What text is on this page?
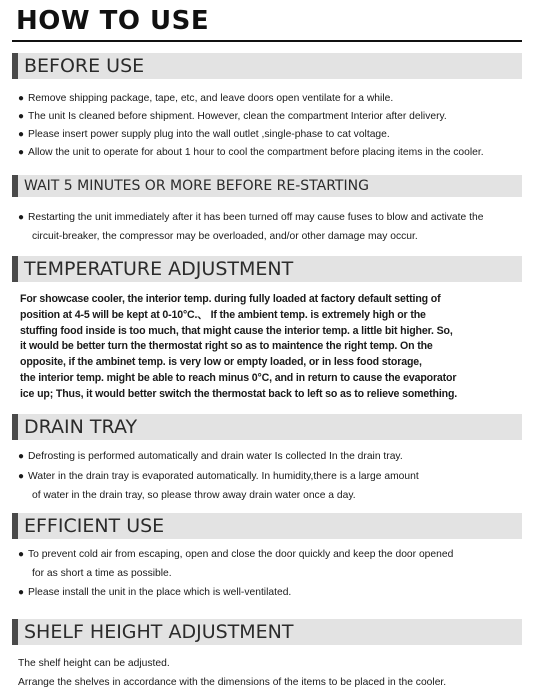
HOW TO USE
BEFORE USE
● Remove shipping package, tape, etc, and leave doors open ventilate for a while.
● The unit Is cleaned before shipment. However, clean the compartment Interior after delivery.
● Please insert power supply plug into the wall outlet ,single-phase to cat voltage.
● Allow the unit to operate for about 1 hour to cool the compartment before placing items in the cooler.
WAIT 5 MINUTES OR MORE BEFORE RE-STARTING
● Restarting the unit immediately after it has been turned off may cause fuses to blow and activate the
circuit-breaker, the compressor may be overloaded, and/or other damage may occur.
TEMPERATURE ADJUSTMENT
For showcase cooler, the interior temp. during fully loaded at factory default setting of
position at 4-5 will be kept at 0-10°C.、 If the ambient temp. is extremely high or the
stuffing food inside is too much, that might cause the interior temp. a little bit higher. So,
it would be better turn the thermostat right so as to maintence the right temp. On the
opposite, if the ambinet temp. is very low or empty loaded, or in less food storage,
the interior temp. might be able to reach minus 0°C, and in return to cause the evaporator
ice up; Thus, it would better switch the thermostat back to left so as to relieve something.
DRAIN TRAY
● Defrosting is performed automatically and drain water Is collected In the drain tray.
● Water in the drain tray is evaporated automatically. In humidity,there is a large amount
of water in the drain tray, so please throw away drain water once a day.
EFFICIENT USE
● To prevent cold air from escaping, open and close the door quickly and keep the door opened
for as short a time as possible.
● Please install the unit in the place which is well-ventilated.
SHELF HEIGHT ADJUSTMENT
The shelf height can be adjusted.
Arrange the shelves in accordance with the dimensions of the items to be placed in the cooler.
